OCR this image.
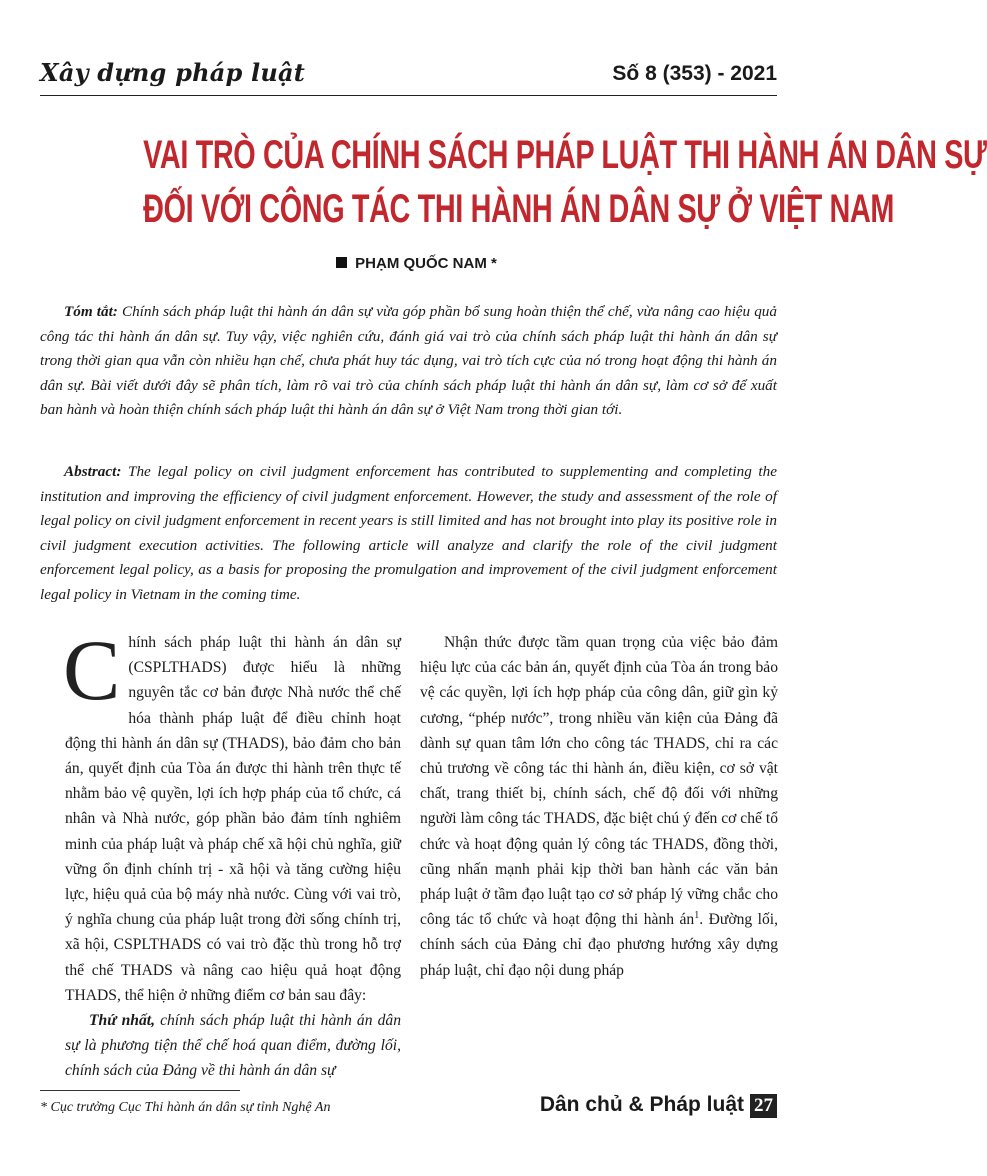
Xây dựng pháp luật	Số 8 (353) - 2021
VAI TRÒ CỦA CHÍNH SÁCH PHÁP LUẬT THI HÀNH ÁN DÂN SỰ
ĐỐI VỚI CÔNG TÁC THI HÀNH ÁN DÂN SỰ Ở VIỆT NAM
PHẠM QUỐC NAM *
Tóm tắt: Chính sách pháp luật thi hành án dân sự vừa góp phần bổ sung hoàn thiện thể chế, vừa nâng cao hiệu quả công tác thi hành án dân sự. Tuy vậy, việc nghiên cứu, đánh giá vai trò của chính sách pháp luật thi hành án dân sự trong thời gian qua vẫn còn nhiều hạn chế, chưa phát huy tác dụng, vai trò tích cực của nó trong hoạt động thi hành án dân sự. Bài viết dưới đây sẽ phân tích, làm rõ vai trò của chính sách pháp luật thi hành án dân sự, làm cơ sở để xuất ban hành và hoàn thiện chính sách pháp luật thi hành án dân sự ở Việt Nam trong thời gian tới.
Abstract: The legal policy on civil judgment enforcement has contributed to supplementing and completing the institution and improving the efficiency of civil judgment enforcement. However, the study and assessment of the role of legal policy on civil judgment enforcement in recent years is still limited and has not brought into play its positive role in civil judgment execution activities. The following article will analyze and clarify the role of the civil judgment enforcement legal policy, as a basis for proposing the promulgation and improvement of the civil judgment enforcement legal policy in Vietnam in the coming time.

Chính sách pháp luật thi hành án dân sự (CSPLTHADS) được hiểu là những nguyên tắc cơ bản được Nhà nước thể chế hóa thành pháp luật để điều chỉnh hoạt động thi hành án dân sự (THADS), bảo đảm cho bản án, quyết định của Tòa án được thi hành trên thực tế nhằm bảo vệ quyền, lợi ích hợp pháp của tổ chức, cá nhân và Nhà nước, góp phần bảo đảm tính nghiêm minh của pháp luật và pháp chế xã hội chủ nghĩa, giữ vững ổn định chính trị - xã hội và tăng cường hiệu lực, hiệu quả của bộ máy nhà nước. Cùng với vai trò, ý nghĩa chung của pháp luật trong đời sống chính trị, xã hội, CSPLTHADS có vai trò đặc thù trong hỗ trợ thể chế THADS và nâng cao hiệu quả hoạt động THADS, thể hiện ở những điểm cơ bản sau đây:

Thứ nhất, chính sách pháp luật thi hành án dân sự là phương tiện thể chế hoá quan điểm, đường lối, chính sách của Đảng về thi hành án dân sự

Nhận thức được tầm quan trọng của việc bảo đảm hiệu lực của các bản án, quyết định của Tòa án trong bảo vệ các quyền, lợi ích hợp pháp của công dân, giữ gìn kỷ cương, “phép nước”, trong nhiều văn kiện của Đảng đã dành sự quan tâm lớn cho công tác THADS, chỉ ra các chủ trương về công tác thi hành án, điều kiện, cơ sở vật chất, trang thiết bị, chính sách, chế độ đối với những người làm công tác THADS, đặc biệt chú ý đến cơ chế tổ chức và hoạt động quản lý công tác THADS, đồng thời, cũng nhấn mạnh phải kịp thời ban hành các văn bản pháp luật ở tầm đạo luật tạo cơ sở pháp lý vững chắc cho công tác tổ chức và hoạt động thi hành $án^1$. Đường lối, chính sách của Đảng chỉ đạo phương hướng xây dựng pháp luật, chỉ đạo nội dung pháp

* Cục trưởng Cục Thi hành án dân sự tỉnh Nghệ An	Dân chủ & Pháp luật 27
